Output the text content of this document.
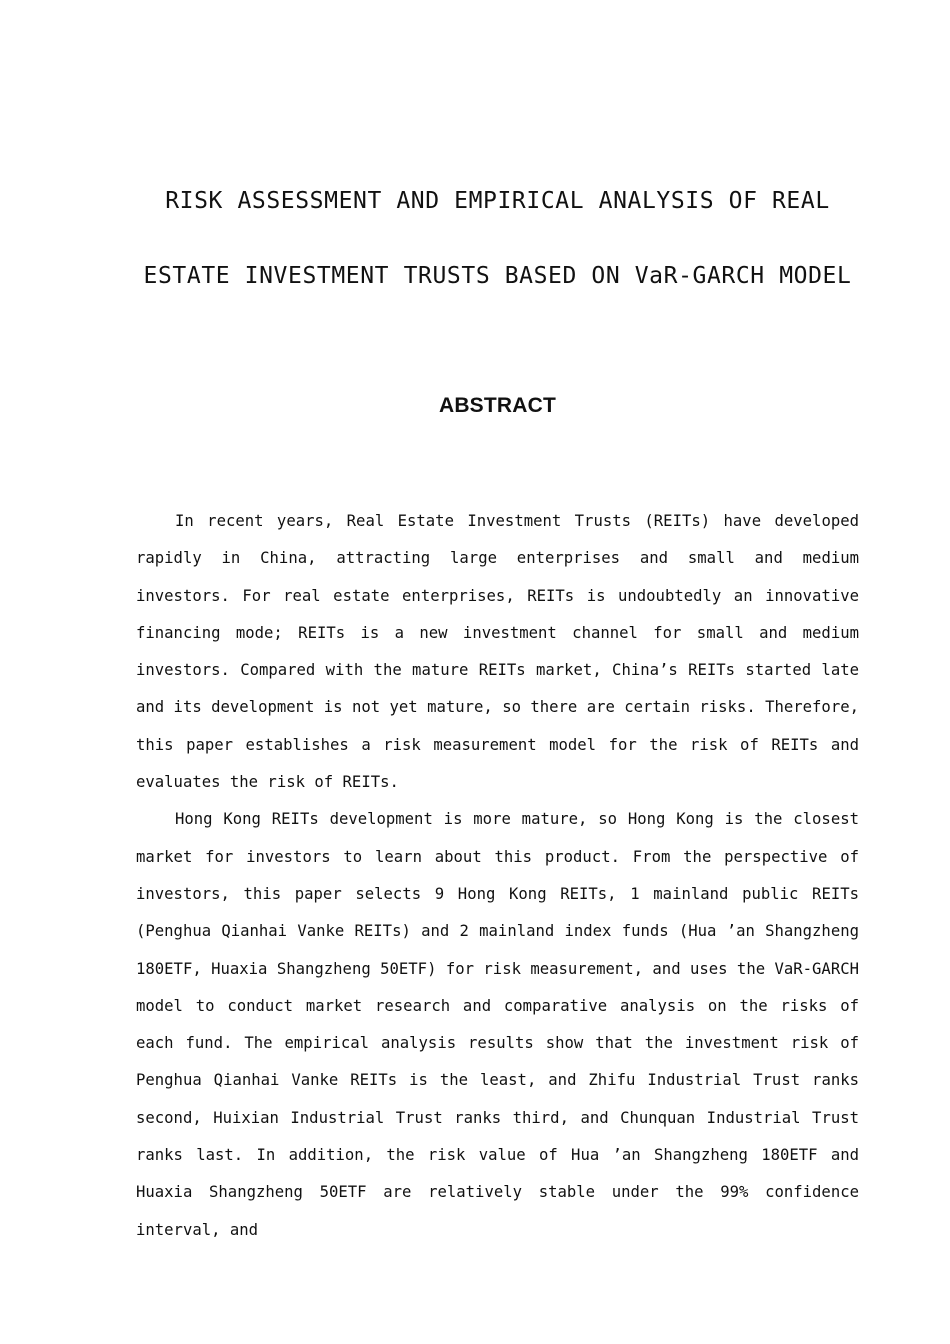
RISK ASSESSMENT AND EMPIRICAL ANALYSIS OF REAL
ESTATE INVESTMENT TRUSTS BASED ON VaR-GARCH MODEL
ABSTRACT

In recent years, Real Estate Investment Trusts (REITs) have developed rapidly in China, attracting large enterprises and small and medium investors. For real estate enterprises, REITs is undoubtedly an innovative financing mode; REITs is a new investment channel for small and medium investors. Compared with the mature REITs market, China’s REITs started late and its development is not yet mature, so there are certain risks. Therefore, this paper establishes a risk measurement model for the risk of REITs and evaluates the risk of REITs.

Hong Kong REITs development is more mature, so Hong Kong is the closest market for investors to learn about this product. From the perspective of investors, this paper selects 9 Hong Kong REITs, 1 mainland public REITs (Penghua Qianhai Vanke REITs) and 2 mainland index funds (Hua ’an Shangzheng 180ETF, Huaxia Shangzheng 50ETF) for risk measurement, and uses the VaR-GARCH model to conduct market research and comparative analysis on the risks of each fund. The empirical analysis results show that the investment risk of Penghua Qianhai Vanke REITs is the least, and Zhifu Industrial Trust ranks second, Huixian Industrial Trust ranks third, and Chunquan Industrial Trust ranks last. In addition, the risk value of Hua ’an Shangzheng 180ETF and Huaxia Shangzheng 50ETF are relatively stable under the 99% confidence interval, and
